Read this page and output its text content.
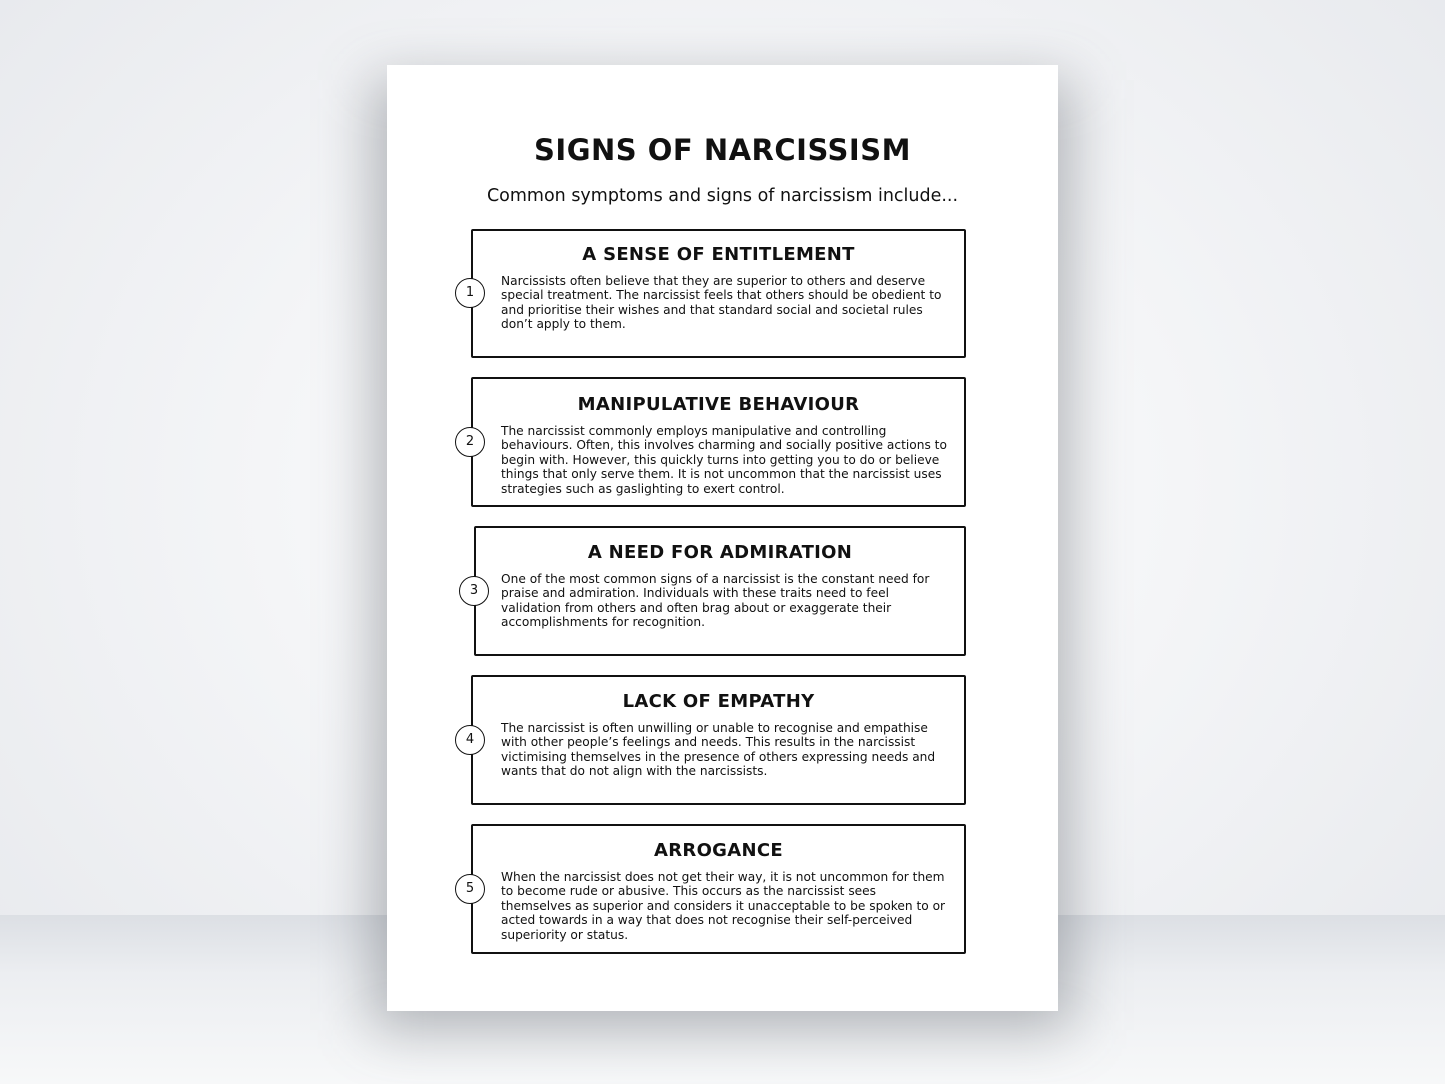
SIGNS OF NARCISSISM

Common symptoms and signs of narcissism include...

A SENSE OF ENTITLEMENT

Narcissists often believe that they are superior to others and deserve special treatment. The narcissist feels that others should be obedient to and prioritise their wishes and that standard social and societal rules don’t apply to them.

1
MANIPULATIVE BEHAVIOUR

The narcissist commonly employs manipulative and controlling behaviours. Often, this involves charming and socially positive actions to begin with. However, this quickly turns into getting you to do or believe things that only serve them. It is not uncommon that the narcissist uses strategies such as gaslighting to exert control.

2
A NEED FOR ADMIRATION

One of the most common signs of a narcissist is the constant need for praise and admiration. Individuals with these traits need to feel validation from others and often brag about or exaggerate their accomplishments for recognition.

3
LACK OF EMPATHY

The narcissist is often unwilling or unable to recognise and empathise with other people’s feelings and needs. This results in the narcissist victimising themselves in the presence of others expressing needs and wants that do not align with the narcissists.

4
ARROGANCE

When the narcissist does not get their way, it is not uncommon for them to become rude or abusive. This occurs as the narcissist sees themselves as superior and considers it unacceptable to be spoken to or acted towards in a way that does not recognise their self-perceived superiority or status.

5
